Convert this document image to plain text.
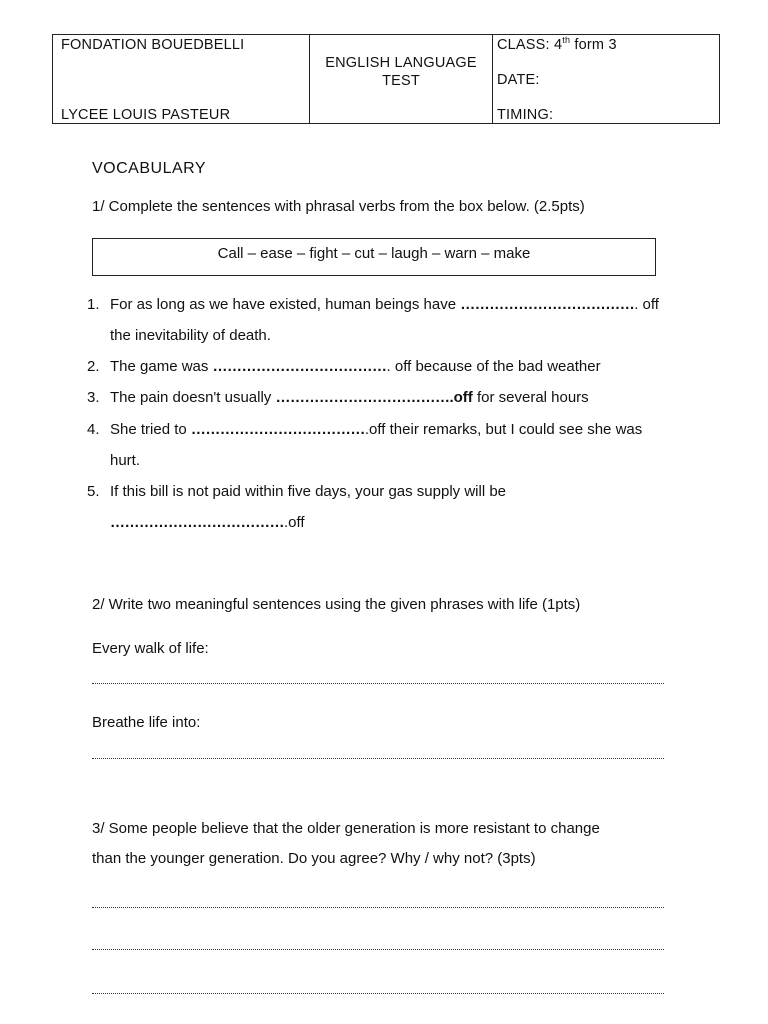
FONDATION BOUEDBELLI
LYCEE LOUIS PASTEUR

ENGLISH LANGUAGE
TEST

CLASS: 4th form 3
DATE:
TIMING:
VOCABULARY
1/ Complete the sentences with phrasal verbs from the box below. (2.5pts)
Call – ease – fight – cut – laugh – warn – make
1. For as long as we have existed, human beings have ………………………………. off
the inevitability of death.
2. The game was ………………………………. off because of the bad weather
3. The pain doesn't usually ……………………………….off for several hours
4. She tried to ……………………………….off their remarks, but I could see she was
hurt.
5. If this bill is not paid within five days, your gas supply will be
……………………………….off
2/ Write two meaningful sentences using the given phrases with life (1pts)
Every walk of life:
Breathe life into:
3/ Some people believe that the older generation is more resistant to change
than the younger generation. Do you agree? Why / why not? (3pts)
